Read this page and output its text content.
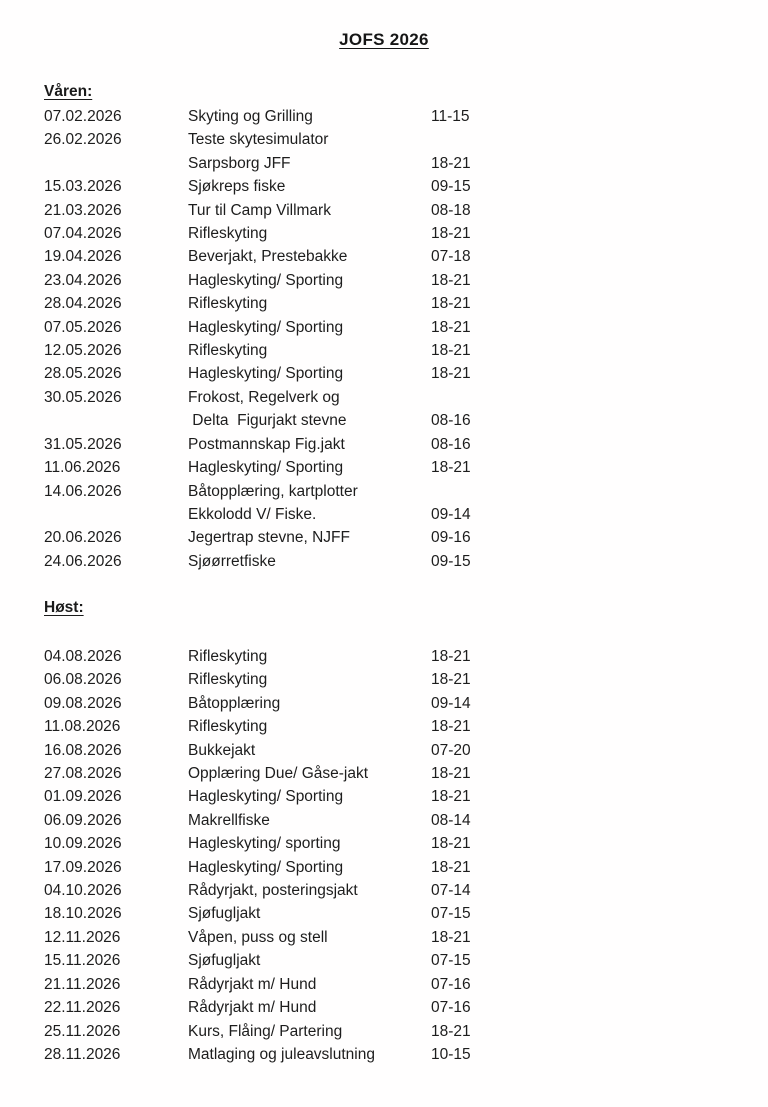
JOFS 2026
Våren:
07.02.2026	Skyting og Grilling	11-15
26.02.2026	Teste skytesimulator
Sarpsborg JFF	18-21
15.03.2026	Sjøkreps fiske	09-15
21.03.2026	Tur til Camp Villmark	08-18
07.04.2026	Rifleskyting	18-21
19.04.2026	Beverjakt, Prestebakke	07-18
23.04.2026	Hagleskyting/ Sporting	18-21
28.04.2026	Rifleskyting	18-21
07.05.2026	Hagleskyting/ Sporting	18-21
12.05.2026	Rifleskyting	18-21
28.05.2026	Hagleskyting/ Sporting	18-21
30.05.2026	Frokost, Regelverk og
Delta  Figurjakt stevne	08-16
31.05.2026	Postmannskap Fig.jakt	08-16
11.06.2026	Hagleskyting/ Sporting	18-21
14.06.2026	Båtopplæring, kartplotter
Ekkolodd V/ Fiske.	09-14
20.06.2026	Jegertrap stevne, NJFF	09-16
24.06.2026	Sjøørretfiske	09-15
Høst:
04.08.2026	Rifleskyting	18-21
06.08.2026	Rifleskyting	18-21
09.08.2026	Båtopplæring	09-14
11.08.2026	Rifleskyting	18-21
16.08.2026	Bukkejakt	07-20
27.08.2026	Opplæring Due/ Gåse-jakt	18-21
01.09.2026	Hagleskyting/ Sporting	18-21
06.09.2026	Makrellfiske	08-14
10.09.2026	Hagleskyting/ sporting	18-21
17.09.2026	Hagleskyting/ Sporting	18-21
04.10.2026	Rådyrjakt, posteringsjakt	07-14
18.10.2026	Sjøfugljakt	07-15
12.11.2026	Våpen, puss og stell	18-21
15.11.2026	Sjøfugljakt	07-15
21.11.2026	Rådyrjakt m/ Hund	07-16
22.11.2026	Rådyrjakt m/ Hund	07-16
25.11.2026	Kurs, Flåing/ Partering	18-21
28.11.2026	Matlaging og juleavslutning	10-15
